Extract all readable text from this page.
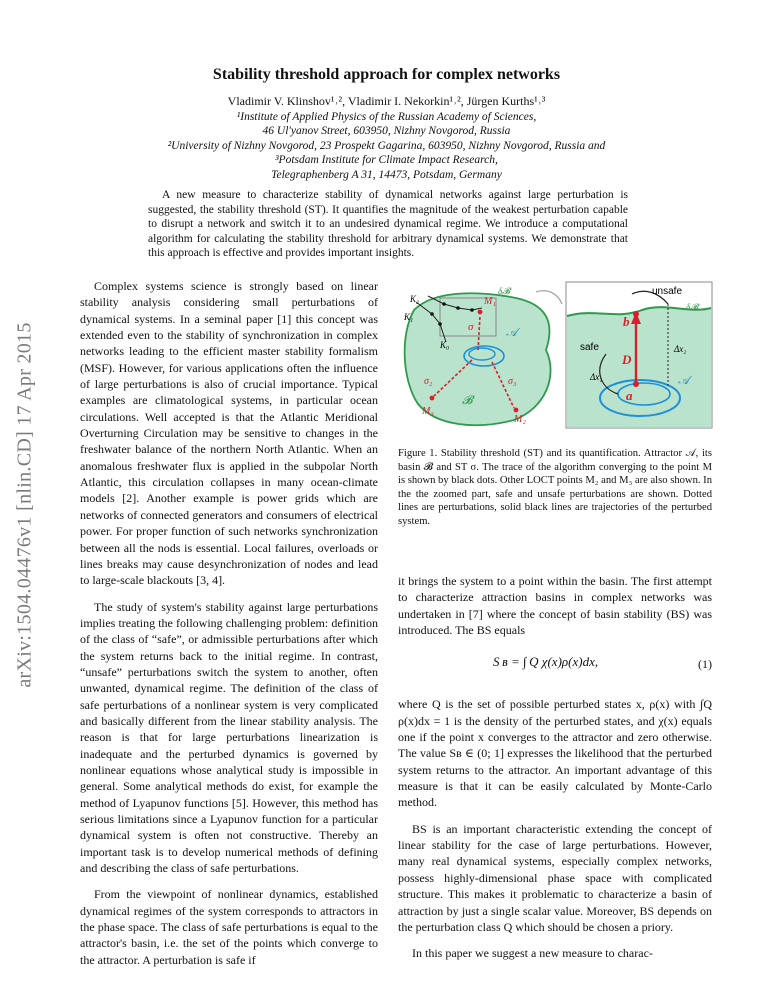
arXiv:1504.04476v1 [nlin.CD] 17 Apr 2015
Stability threshold approach for complex networks
Vladimir V. Klinshov¹˒², Vladimir I. Nekorkin¹˒², Jürgen Kurths¹˒³
¹Institute of Applied Physics of the Russian Academy of Sciences,
46 Ul'yanov Street, 603950, Nizhny Novgorod, Russia
²University of Nizhny Novgorod, 23 Prospekt Gagarina, 603950, Nizhny Novgorod, Russia and
³Potsdam Institute for Climate Impact Research,
Telegraphenberg A 31, 14473, Potsdam, Germany
A new measure to characterize stability of dynamical networks against large perturbation is suggested, the stability threshold (ST). It quantifies the magnitude of the weakest perturbation capable to disrupt a network and switch it to an undesired dynamical regime. We introduce a computational algorithm for calculating the stability threshold for arbitrary dynamical systems. We demonstrate that this approach is effective and provides important insights.

Complex systems science is strongly based on linear stability analysis considering small perturbations of dynamical systems. In a seminal paper [1] this concept was extended even to the stability of synchronization in complex networks leading to the efficient master stability formalism (MSF). However, for various applications often the influence of large perturbations is also of crucial importance. Typical examples are climatological systems, in particular ocean circulations. Well accepted is that the Atlantic Meridional Overturning Circulation may be sensitive to changes in the freshwater balance of the northern North Atlantic. When an anomalous freshwater flux is applied in the subpolar North Atlantic, this circulation collapses in many ocean-climate models [2]. Another example is power grids which are networks of connected generators and consumers of electrical power. For proper function of such networks synchronization between all the nods is essential. Local failures, overloads or lines breaks may cause desynchronization of nodes and lead to large-scale blackouts [3, 4].

The study of system's stability against large perturbations implies treating the following challenging problem: definition of the class of “safe”, or admissible perturbations after which the system returns back to the initial regime. In contrast, “unsafe” perturbations switch the system to another, often unwanted, dynamical regime. The definition of the class of safe perturbations of a nonlinear system is very complicated and basically different from the linear stability analysis. The reason is that for large perturbations linearization is inadequate and the perturbed dynamics is governed by nonlinear equations whose analytical study is impossible in general. Some analytical methods do exist, for example the method of Lyapunov functions [5]. However, this method has serious limitations since a Lyapunov function for a particular dynamical system is often not constructive. Thereby an important task is to develop numerical methods of defining and describing the class of safe perturbations.

From the viewpoint of nonlinear dynamics, established dynamical regimes of the system corresponds to attractors in the phase space. The class of safe perturbations is equal to the attractor's basin, i.e. the set of the points which converge to the attractor. A perturbation is safe if

δ𝓑
K₂
K₁
K₀
M₁
σ	𝒜
σ₂	σ₃
𝓑
M₃
M₂
unsafe
δ𝓑
safe
b
D
a
Δx₁
Δx₂
𝒜
Figure 1. Stability threshold (ST) and its quantification. Attractor 𝒜, its basin 𝓑 and ST σ. The trace of the algorithm converging to the point M is shown by black dots. Other LOCT points M₂ and M₃ are also shown. In the the zoomed part, safe and unsafe perturbations are shown. Dotted lines are perturbations, solid black lines are trajectories of the perturbed system.

it brings the system to a point within the basin. The first attempt to characterize attraction basins in complex networks was undertaken in [7] where the concept of basin stability (BS) was introduced. The BS equals

S ʙ = ∫ Q χ(x)ρ(x)dx,	(1)

where Q is the set of possible perturbed states x, ρ(x) with ∫Q ρ(x)dx = 1 is the density of the perturbed states, and χ(x) equals one if the point x converges to the attractor and zero otherwise. The value Sʙ ∈ (0; 1] expresses the likelihood that the perturbed system returns to the attractor. An important advantage of this measure is that it can be easily calculated by Monte-Carlo method.

BS is an important characteristic extending the concept of linear stability for the case of large perturbations. However, many real dynamical systems, especially complex networks, possess highly-dimensional phase space with complicated structure. This makes it problematic to characterize a basin of attraction by just a single scalar value. Moreover, BS depends on the perturbation class Q which should be chosen a priory.

In this paper we suggest a new measure to charac-
